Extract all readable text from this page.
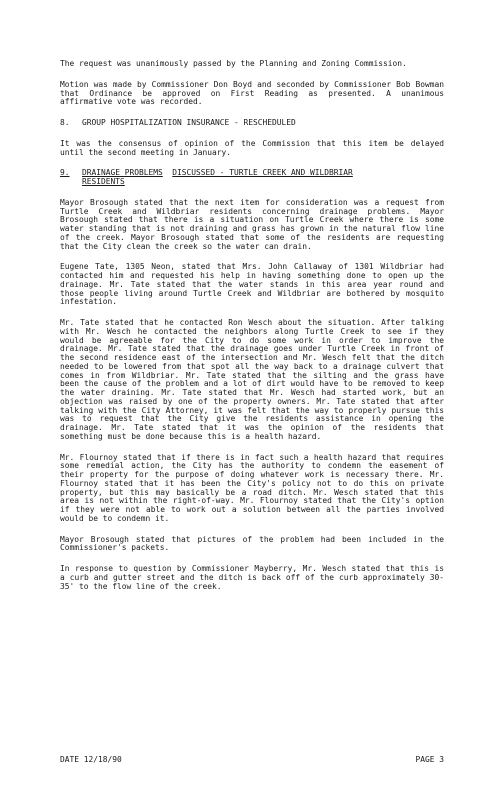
The request was unanimously passed by the Planning and Zoning Commission.

Motion was made by Commissioner Don Boyd and seconded by Commissioner Bob Bowman that Ordinance be approved on First Reading as presented. A unanimous affirmative vote was recorded.

8. GROUP HOSPITALIZATION INSURANCE - RESCHEDULED

It was the consensus of opinion of the Commission that this item be delayed until the second meeting in January.

9. DRAINAGE PROBLEMS DISCUSSED - TURTLE CREEK AND WILDBRIAR
RESIDENTS

Mayor Brosough stated that the next item for consideration was a request from Turtle Creek and Wildbriar residents concerning drainage problems. Mayor Brosough stated that there is a situation on Turtle Creek where there is some water standing that is not draining and grass has grown in the natural flow line of the creek. Mayor Brosough stated that some of the residents are requesting that the City clean the creek so the water can drain.

Eugene Tate, 1305 Neon, stated that Mrs. John Callaway of 1301 Wildbriar had contacted him and requested his help in having something done to open up the drainage. Mr. Tate stated that the water stands in this area year round and those people living around Turtle Creek and Wildbriar are bothered by mosquito infestation.

Mr. Tate stated that he contacted Ron Wesch about the situation. After talking with Mr. Wesch he contacted the neighbors along Turtle Creek to see if they would be agreeable for the City to do some work in order to improve the drainage. Mr. Tate stated that the drainage goes under Turtle Creek in front of the second residence east of the intersection and Mr. Wesch felt that the ditch needed to be lowered from that spot all the way back to a drainage culvert that comes in from Wildbriar. Mr. Tate stated that the silting and the grass have been the cause of the problem and a lot of dirt would have to be removed to keep the water draining. Mr. Tate stated that Mr. Wesch had started work, but an objection was raised by one of the property owners. Mr. Tate stated that after talking with the City Attorney, it was felt that the way to properly pursue this was to request that the City give the residents assistance in opening the drainage. Mr. Tate stated that it was the opinion of the residents that something must be done because this is a health hazard.

Mr. Flournoy stated that if there is in fact such a health hazard that requires some remedial action, the City has the authority to condemn the easement of their property for the purpose of doing whatever work is necessary there. Mr. Flournoy stated that it has been the City's policy not to do this on private property, but this may basically be a road ditch. Mr. Wesch stated that this area is not within the right-of-way. Mr. Flournoy stated that the City's option if they were not able to work out a solution between all the parties involved would be to condemn it.

Mayor Brosough stated that pictures of the problem had been included in the Commissioner's packets.

In response to question by Commissioner Mayberry, Mr. Wesch stated that this is a curb and gutter street and the ditch is back off of the curb approximately 30-35' to the flow line of the creek.

DATE 12/18/90	PAGE 3
